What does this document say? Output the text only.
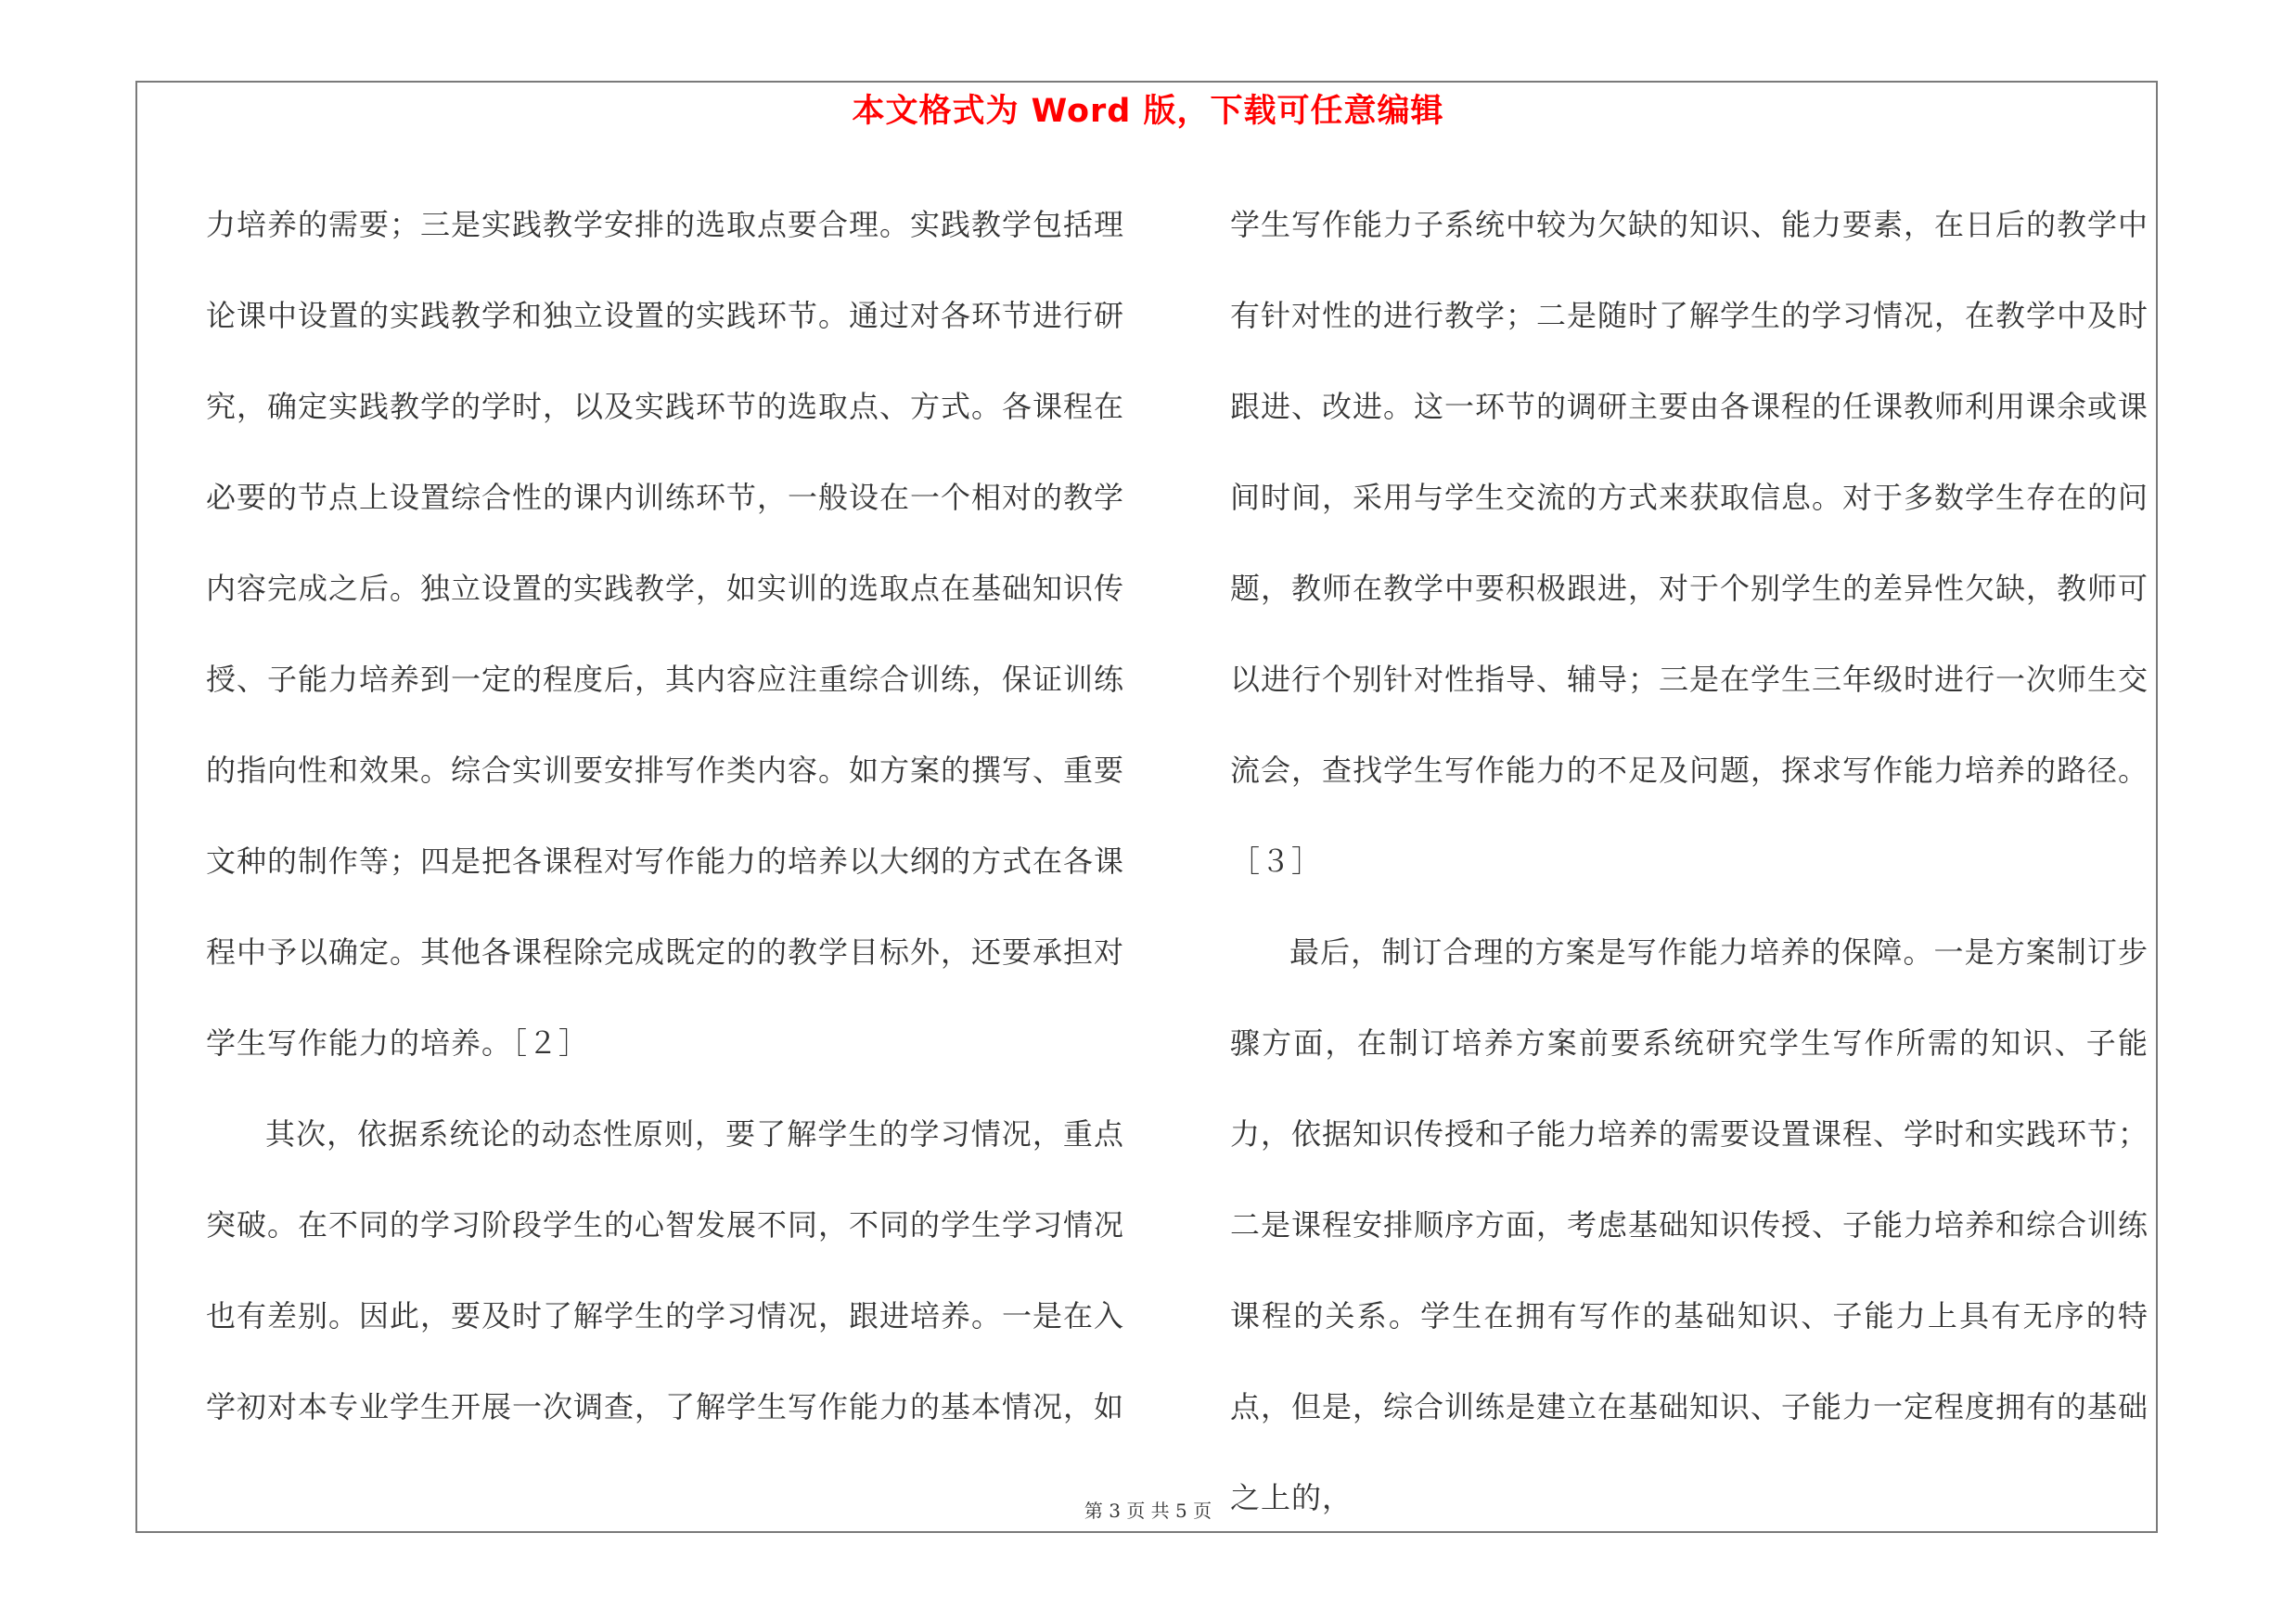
本文格式为 Word 版，下载可任意编辑

力培养的需要；三是实践教学安排的选取点要合理。实践教学包括理论课中设置的实践教学和独立设置的实践环节。通过对各环节进行研究，确定实践教学的学时，以及实践环节的选取点、方式。各课程在必要的节点上设置综合性的课内训练环节，一般设在一个相对的教学内容完成之后。独立设置的实践教学，如实训的选取点在基础知识传授、子能力培养到一定的程度后，其内容应注重综合训练，保证训练的指向性和效果。综合实训要安排写作类内容。如方案的撰写、重要文种的制作等；四是把各课程对写作能力的培养以大纲的方式在各课程中予以确定。其他各课程除完成既定的的教学目标外，还要承担对学生写作能力的培养。［２］

其次，依据系统论的动态性原则，要了解学生的学习情况，重点突破。在不同的学习阶段学生的心智发展不同，不同的学生学习情况也有差别。因此，要及时了解学生的学习情况，跟进培养。一是在入学初对本专业学生开展一次调查，了解学生写作能力的基本情况，如

学生写作能力子系统中较为欠缺的知识、能力要素，在日后的教学中有针对性的进行教学；二是随时了解学生的学习情况，在教学中及时跟进、改进。这一环节的调研主要由各课程的任课教师利用课余或课间时间，采用与学生交流的方式来获取信息。对于多数学生存在的问题，教师在教学中要积极跟进，对于个别学生的差异性欠缺，教师可以进行个别针对性指导、辅导；三是在学生三年级时进行一次师生交流会，查找学生写作能力的不足及问题，探求写作能力培养的路径。［３］

最后，制订合理的方案是写作能力培养的保障。一是方案制订步骤方面，在制订培养方案前要系统研究学生写作所需的知识、子能力，依据知识传授和子能力培养的需要设置课程、学时和实践环节；二是课程安排顺序方面，考虑基础知识传授、子能力培养和综合训练课程的关系。学生在拥有写作的基础知识、子能力上具有无序的特点，但是，综合训练是建立在基础知识、子能力一定程度拥有的基础之上的，

第 3 页 共 5 页
